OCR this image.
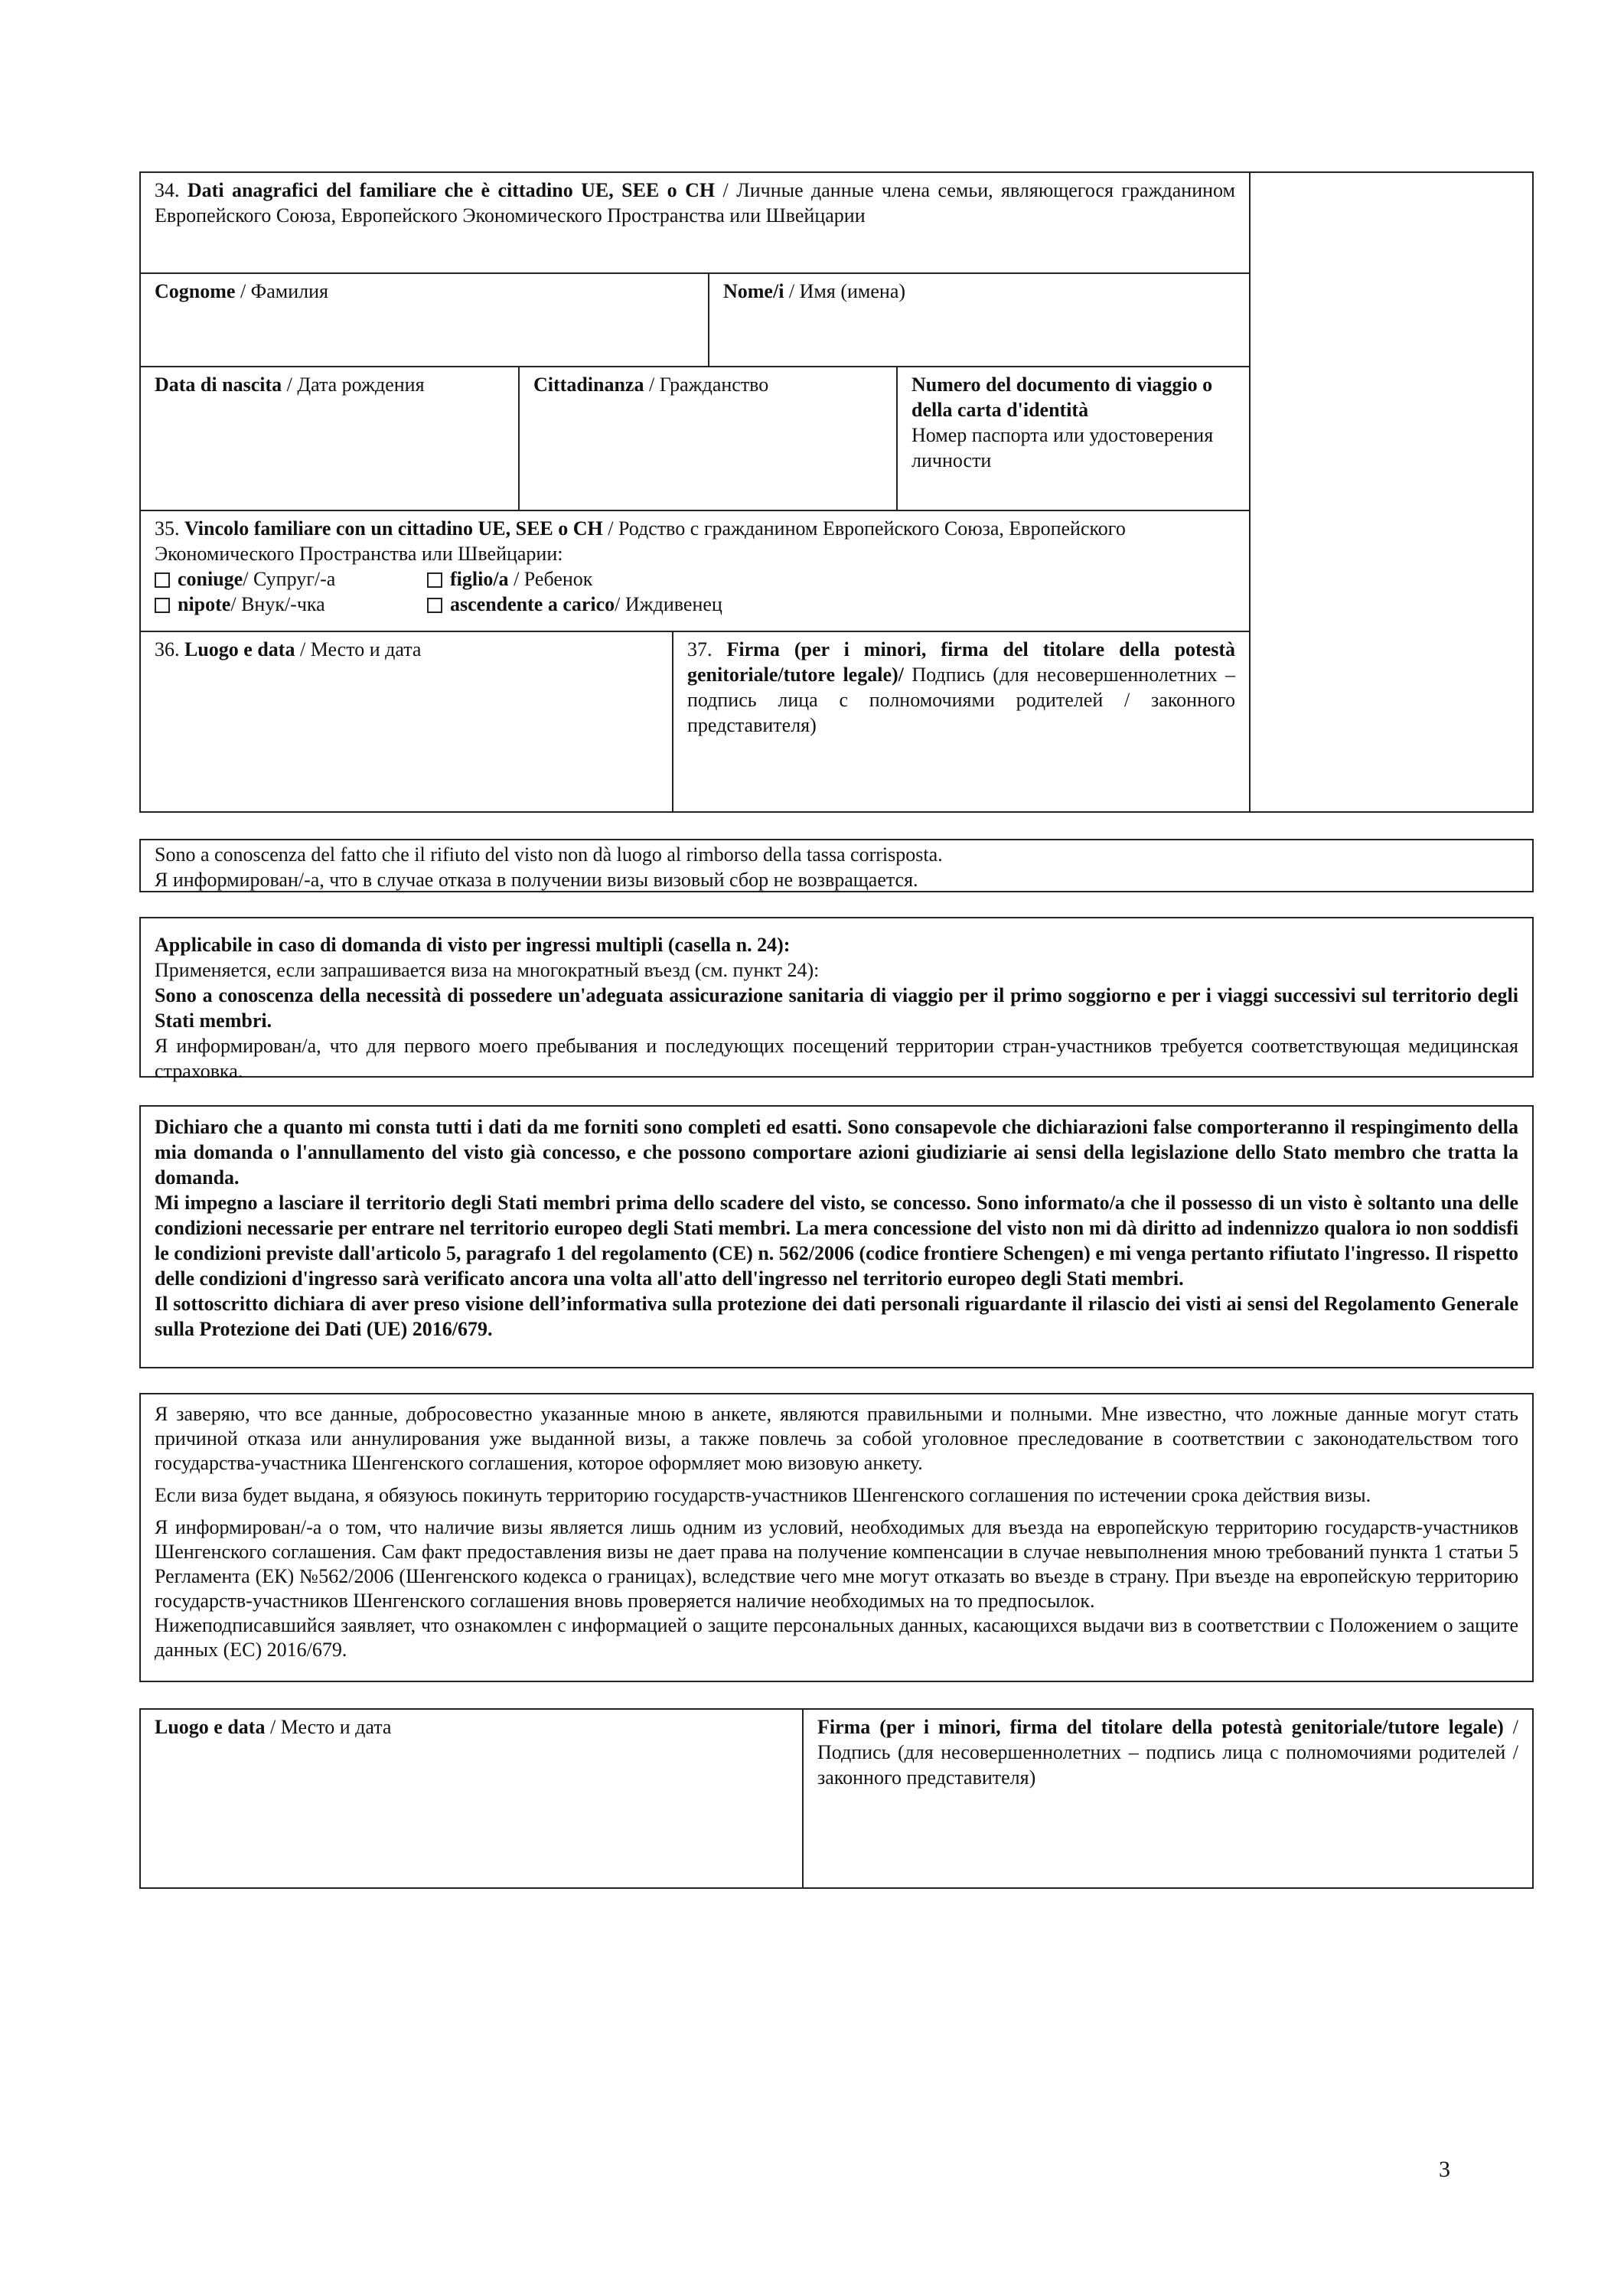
34. Dati anagrafici del familiare che è cittadino UE, SEE o CH / Личные данные члена семьи, являющегося гражданином Европейского Союза, Европейского Экономического Пространства или Швейцарии
Cognome / Фамилия	Nome/i / Имя (имена)
Data di nascita / Дата рождения	Cittadinanza / Гражданство	Numero del documento di viaggio o della carta d'identità
Номер паспорта или удостоверения личности
35. Vincolo familiare con un cittadino UE, SEE o CH / Родство с гражданином Европейского Союза, Европейского Экономического Пространства или Швейцарии:
coniuge/ Супруг/-а	figlio/a / Ребенок
nipote/ Внук/-чка	ascendente a carico/ Иждивенец
36. Luogo e data / Место и дата	37. Firma (per i minori, firma del titolare della potestà genitoriale/tutore legale)/ Подпись (для несовершеннолетних – подпись лица с полномочиями родителей / законного представителя)
Sono a conoscenza del fatto che il rifiuto del visto non dà luogo al rimborso della tassa corrisposta.
Я информирован/-а, что в случае отказа в получении визы визовый сбор не возвращается.
Applicabile in caso di domanda di visto per ingressi multipli (casella n. 24):
Применяется, если запрашивается виза на многократный въезд (см. пункт 24):
Sono a conoscenza della necessità di possedere un'adeguata assicurazione sanitaria di viaggio per il primo soggiorno e per i viaggi successivi sul territorio degli Stati membri.
Я информирован/а, что для первого моего пребывания и последующих посещений территории стран-участников требуется соответствующая медицинская страховка.

Dichiaro che a quanto mi consta tutti i dati da me forniti sono completi ed esatti. Sono consapevole che dichiarazioni false comporteranno il respingimento della mia domanda o l'annullamento del visto già concesso, e che possono comportare azioni giudiziarie ai sensi della legislazione dello Stato membro che tratta la domanda.

Mi impegno a lasciare il territorio degli Stati membri prima dello scadere del visto, se concesso. Sono informato/a che il possesso di un visto è soltanto una delle condizioni necessarie per entrare nel territorio europeo degli Stati membri. La mera concessione del visto non mi dà diritto ad indennizzo qualora io non soddisfi le condizioni previste dall'articolo 5, paragrafo 1 del regolamento (CE) n. 562/2006 (codice frontiere Schengen) e mi venga pertanto rifiutato l'ingresso. Il rispetto delle condizioni d'ingresso sarà verificato ancora una volta all'atto dell'ingresso nel territorio europeo degli Stati membri.

Il sottoscritto dichiara di aver preso visione dell’informativa sulla protezione dei dati personali riguardante il rilascio dei visti ai sensi del Regolamento Generale sulla Protezione dei Dati (UE) 2016/679.

Я заверяю, что все данные, добросовестно указанные мною в анкете, являются правильными и полными. Мне известно, что ложные данные могут стать причиной отказа или аннулирования уже выданной визы, а также повлечь за собой уголовное преследование в соответствии с законодательством того государства-участника Шенгенского соглашения, которое оформляет мою визовую анкету.

Если виза будет выдана, я обязуюсь покинуть территорию государств-участников Шенгенского соглашения по истечении срока действия визы.

Я информирован/-а о том, что наличие визы является лишь одним из условий, необходимых для въезда на европейскую территорию государств-участников Шенгенского соглашения. Сам факт предоставления визы не дает права на получение компенсации в случае невыполнения мною требований пункта 1 статьи 5 Регламента (ЕК) №562/2006 (Шенгенского кодекса о границах), вследствие чего мне могут отказать во въезде в страну. При въезде на европейскую территорию государств-участников Шенгенского соглашения вновь проверяется наличие необходимых на то предпосылок.

Нижеподписавшийся заявляет, что ознакомлен с информацией о защите персональных данных, касающихся выдачи виз в соответствии с Положением о защите данных (ЕС) 2016/679.

Luogo e data / Место и дата	Firma (per i minori, firma del titolare della potestà genitoriale/tutore legale) / Подпись (для несовершеннолетних – подпись лица с полномочиями родителей / законного представителя)
3
